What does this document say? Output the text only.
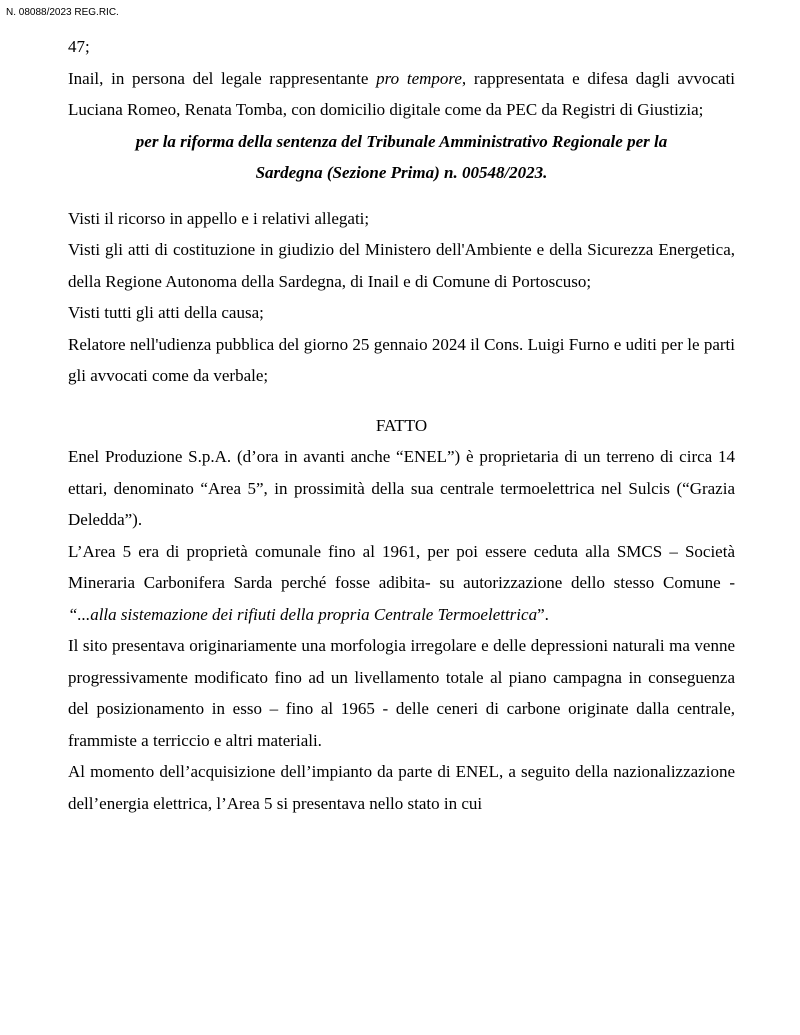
N. 08088/2023 REG.RIC.

47;

Inail, in persona del legale rappresentante pro tempore, rappresentata e difesa dagli avvocati Luciana Romeo, Renata Tomba, con domicilio digitale come da PEC da Registri di Giustizia;

per la riforma della sentenza del Tribunale Amministrativo Regionale per la
Sardegna (Sezione Prima) n. 00548/2023.

Visti il ricorso in appello e i relativi allegati;

Visti gli atti di costituzione in giudizio del Ministero dell'Ambiente e della Sicurezza Energetica, della Regione Autonoma della Sardegna, di Inail e di Comune di Portoscuso;

Visti tutti gli atti della causa;

Relatore nell'udienza pubblica del giorno 25 gennaio 2024 il Cons. Luigi Furno e uditi per le parti gli avvocati come da verbale;

FATTO

Enel Produzione S.p.A. (d’ora in avanti anche “ENEL”) è proprietaria di un terreno di circa 14 ettari, denominato “Area 5”, in prossimità della sua centrale termoelettrica nel Sulcis (“Grazia Deledda”).

L’Area 5 era di proprietà comunale fino al 1961, per poi essere ceduta alla SMCS – Società Mineraria Carbonifera Sarda perché fosse adibita- su autorizzazione dello stesso Comune - “...alla sistemazione dei rifiuti della propria Centrale Termoelettrica”.

Il sito presentava originariamente una morfologia irregolare e delle depressioni naturali ma venne progressivamente modificato fino ad un livellamento totale al piano campagna in conseguenza del posizionamento in esso – fino al 1965 - delle ceneri di carbone originate dalla centrale, frammiste a terriccio e altri materiali.

Al momento dell’acquisizione dell’impianto da parte di ENEL, a seguito della nazionalizzazione dell’energia elettrica, l’Area 5 si presentava nello stato in cui
